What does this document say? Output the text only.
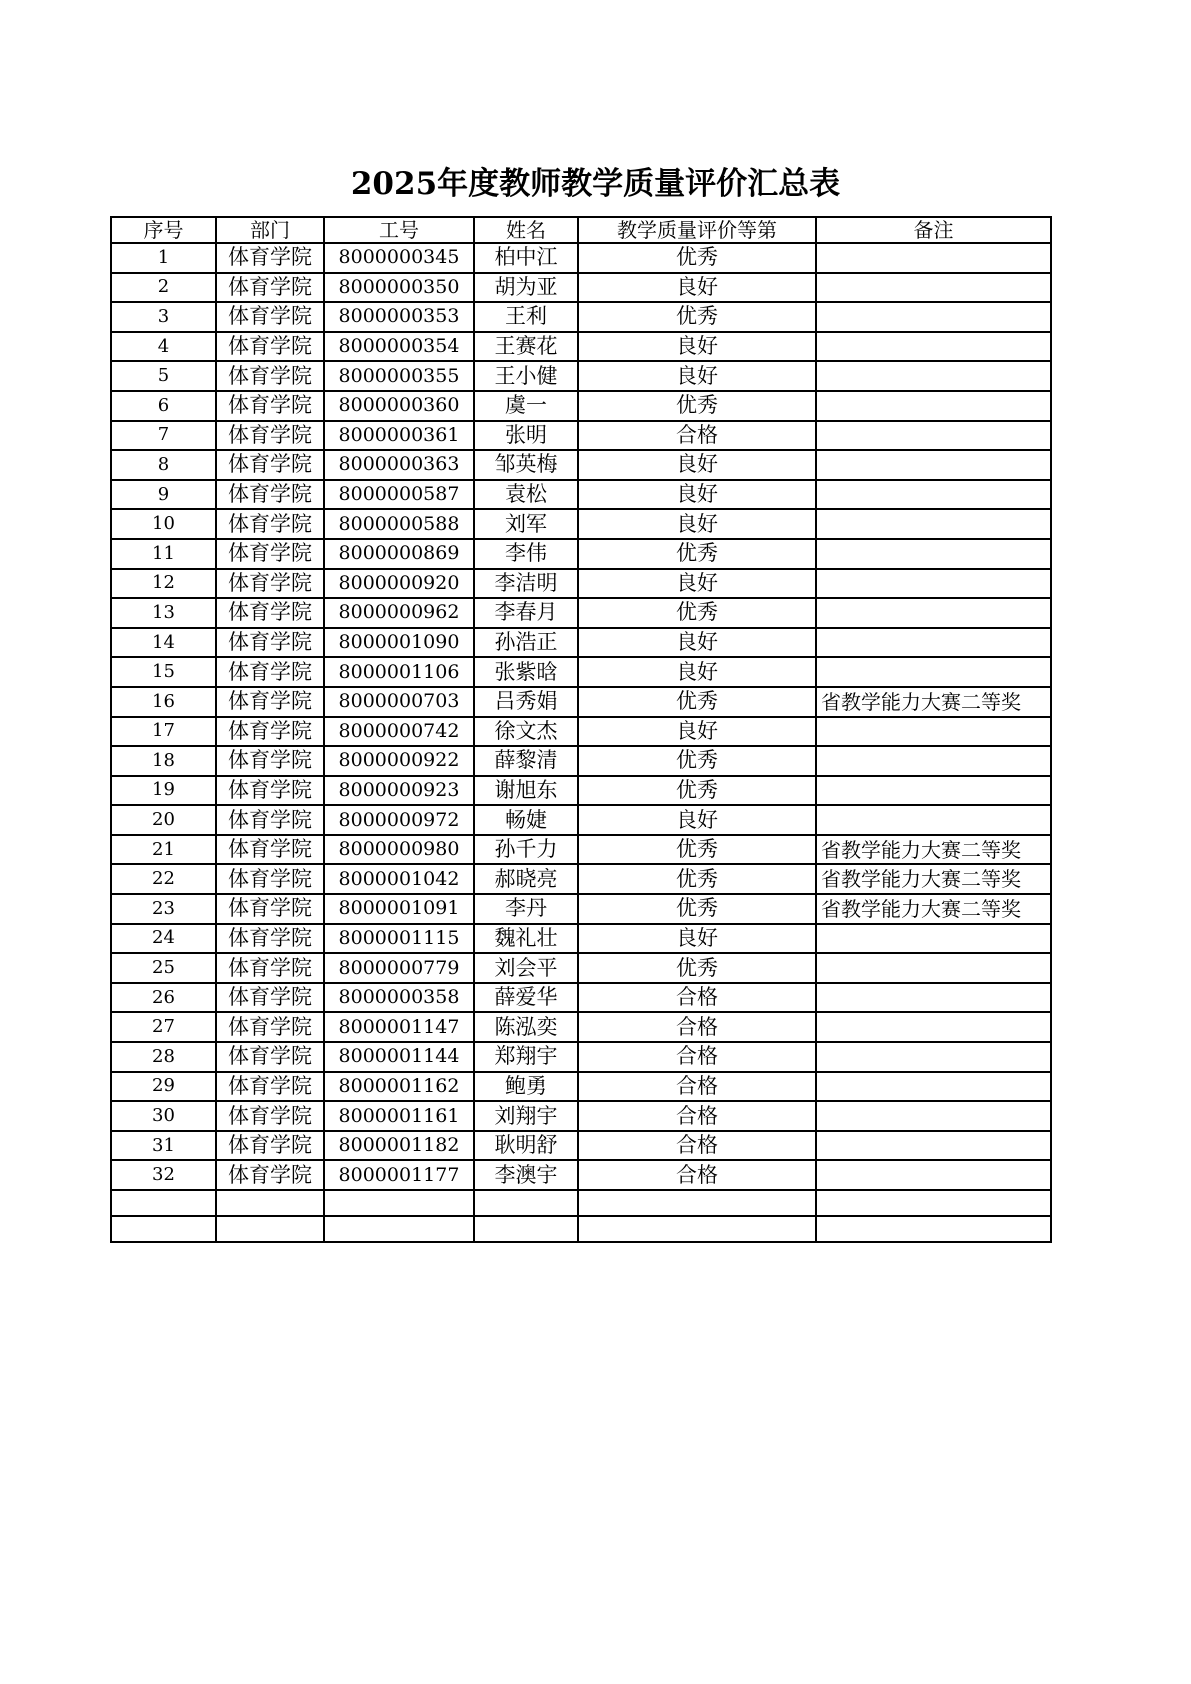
2025年度教师教学质量评价汇总表
序号	部门	工号	姓名	教学质量评价等第	备注
1	体育学院	8000000345	柏中江	优秀	
2	体育学院	8000000350	胡为亚	良好	
3	体育学院	8000000353	王利	优秀	
4	体育学院	8000000354	王赛花	良好	
5	体育学院	8000000355	王小健	良好	
6	体育学院	8000000360	虞一	优秀	
7	体育学院	8000000361	张明	合格	
8	体育学院	8000000363	邹英梅	良好	
9	体育学院	8000000587	袁松	良好	
10	体育学院	8000000588	刘军	良好	
11	体育学院	8000000869	李伟	优秀	
12	体育学院	8000000920	李洁明	良好	
13	体育学院	8000000962	李春月	优秀	
14	体育学院	8000001090	孙浩正	良好	
15	体育学院	8000001106	张紫晗	良好	
16	体育学院	8000000703	吕秀娟	优秀	省教学能力大赛二等奖
17	体育学院	8000000742	徐文杰	良好	
18	体育学院	8000000922	薛黎清	优秀	
19	体育学院	8000000923	谢旭东	优秀	
20	体育学院	8000000972	畅婕	良好	
21	体育学院	8000000980	孙千力	优秀	省教学能力大赛二等奖
22	体育学院	8000001042	郝晓亮	优秀	省教学能力大赛二等奖
23	体育学院	8000001091	李丹	优秀	省教学能力大赛二等奖
24	体育学院	8000001115	魏礼壮	良好	
25	体育学院	8000000779	刘会平	优秀	
26	体育学院	8000000358	薛爱华	合格	
27	体育学院	8000001147	陈泓奕	合格	
28	体育学院	8000001144	郑翔宇	合格	
29	体育学院	8000001162	鲍勇	合格	
30	体育学院	8000001161	刘翔宇	合格	
31	体育学院	8000001182	耿明舒	合格	
32	体育学院	8000001177	李澳宇	合格	
